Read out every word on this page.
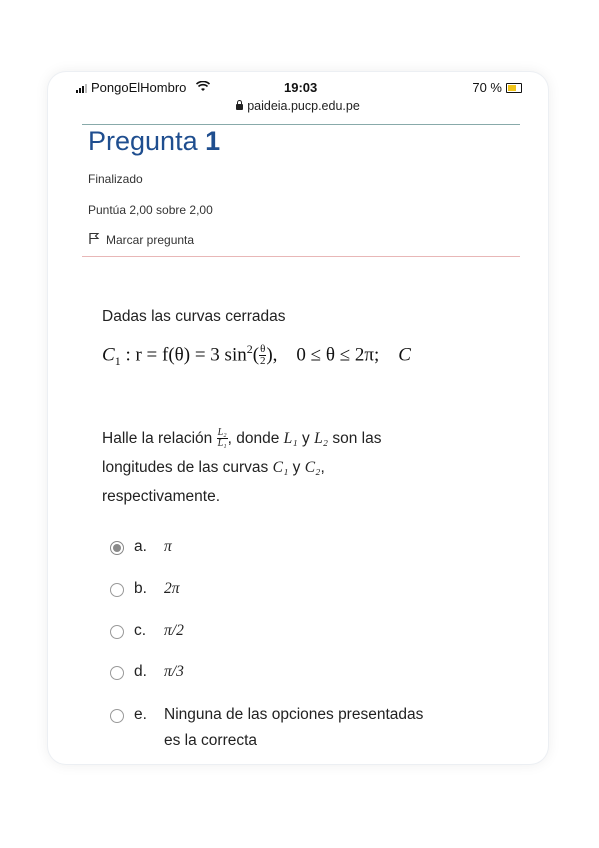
PongoElHombro	19:03	70 %
paideia.pucp.edu.pe
Pregunta 1
Finalizado
Puntúa 2,00 sobre 2,00
Marcar pregunta
Dadas las curvas cerradas
$C_1$ : r = f(θ) = 3 $\sin^2( \frac{\theta}{2}$ ), 0 ≤ θ ≤ 2π; C
Halle la relación $\frac{\text{L₂}}{\text{L₁}}$ , donde L₁ y L₂ son las
longitudes de las curvas C₁ y C₂,
respectivamente.
a.	π
b.	2π
c.	π/2
d.	π/3
e.	Ninguna de las opciones presentadas
es la correcta
